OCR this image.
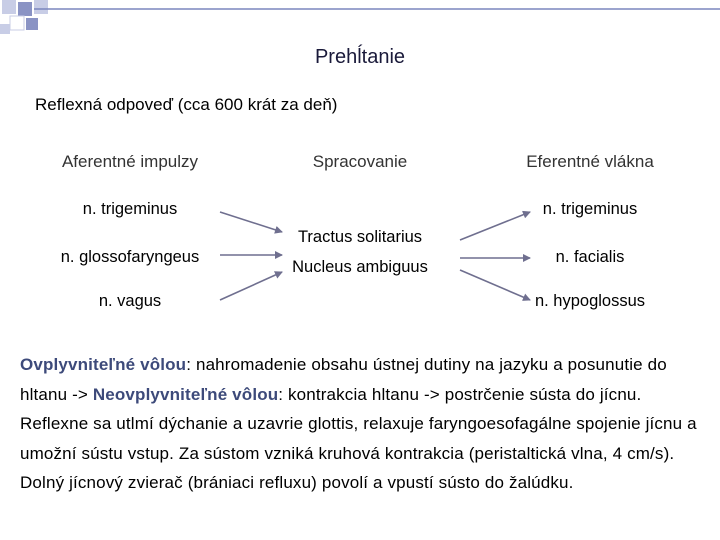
Prehĺtanie
Reflexná odpoveď (cca 600 krát za deň)
Aferentné impulzy	Spracovanie	Eferentné vlákna
n. trigeminus
n. glossofaryngeus
n. vagus
Tractus solitarius
Nucleus ambiguus
n. trigeminus
n. facialis
n. hypoglossus
Ovplyvniteľné vôlou: nahromadenie obsahu ústnej dutiny na jazyku a posunutie do hltanu -> Neovplyvniteľné vôlou: kontrakcia hltanu -> postrčenie sústa do jícnu. Reflexne sa utlmí dýchanie a uzavrie glottis, relaxuje faryngoesofagálne spojenie jícnu a umožní sústu vstup. Za sústom vzniká kruhová kontrakcia (peristaltická vlna, 4 cm/s). Dolný jícnový zvierač (brániaci refluxu) povolí a vpustí sústo do žalúdku.
